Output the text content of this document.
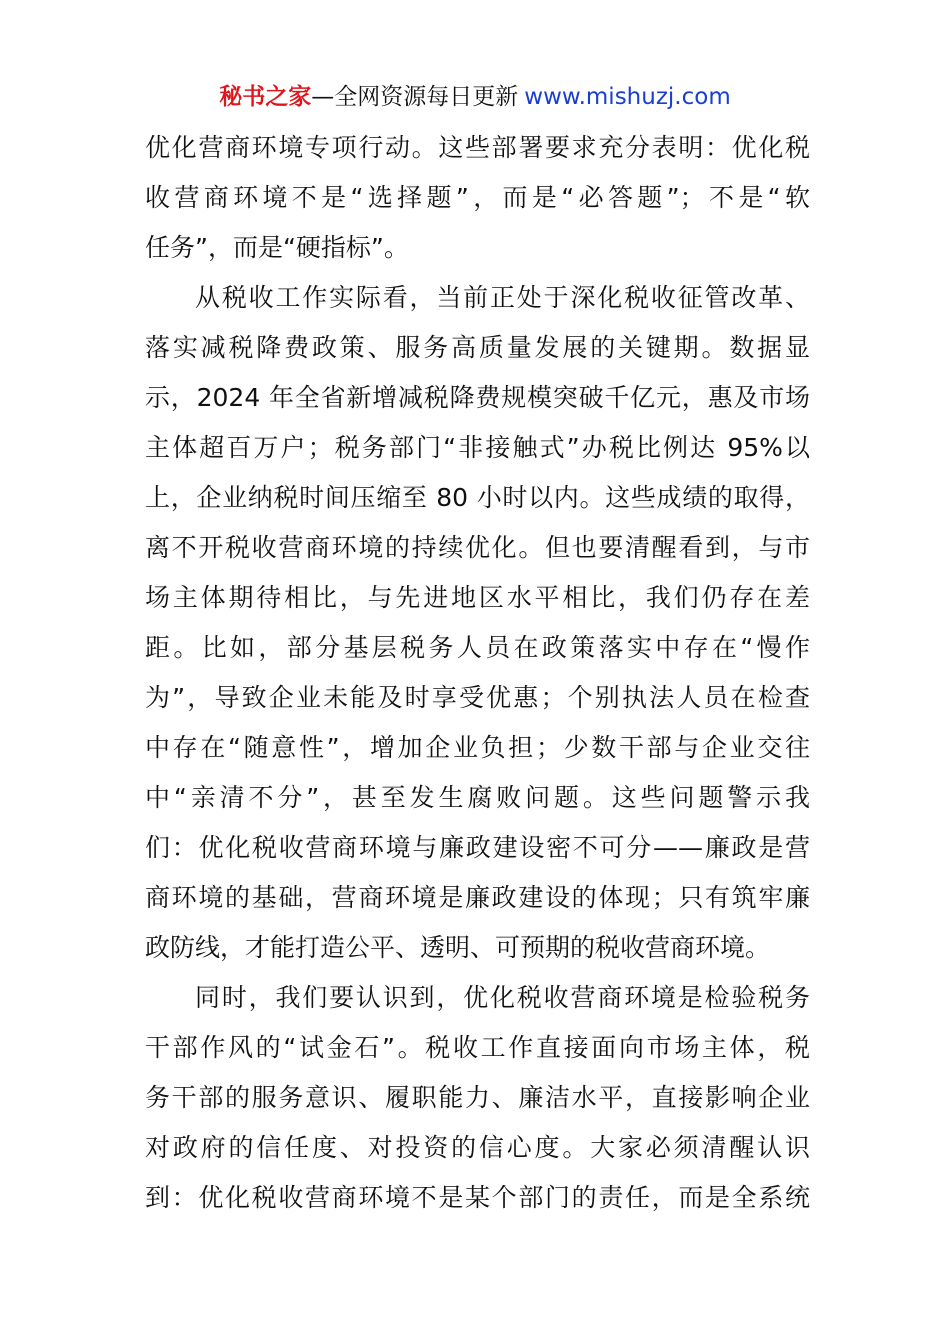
秘书之家—全网资源每日更新 www.mishuzj.com
优化营商环境专项行动。这些部署要求充分表明：优化税
收营商环境不是“选择题”，而是“必答题”；不是“软
任务”，而是“硬指标”。
从税收工作实际看，当前正处于深化税收征管改革、
落实减税降费政策、服务高质量发展的关键期。数据显
示，2024 年全省新增减税降费规模突破千亿元，惠及市场
主体超百万户；税务部门“非接触式”办税比例达 95%以
上，企业纳税时间压缩至 80 小时以内。这些成绩的取得，
离不开税收营商环境的持续优化。但也要清醒看到，与市
场主体期待相比，与先进地区水平相比，我们仍存在差
距。比如，部分基层税务人员在政策落实中存在“慢作
为”，导致企业未能及时享受优惠；个别执法人员在检查
中存在“随意性”，增加企业负担；少数干部与企业交往
中“亲清不分”，甚至发生腐败问题。这些问题警示我
们：优化税收营商环境与廉政建设密不可分——廉政是营
商环境的基础，营商环境是廉政建设的体现；只有筑牢廉
政防线，才能打造公平、透明、可预期的税收营商环境。
同时，我们要认识到，优化税收营商环境是检验税务
干部作风的“试金石”。税收工作直接面向市场主体，税
务干部的服务意识、履职能力、廉洁水平，直接影响企业
对政府的信任度、对投资的信心度。大家必须清醒认识
到：优化税收营商环境不是某个部门的责任，而是全系统
